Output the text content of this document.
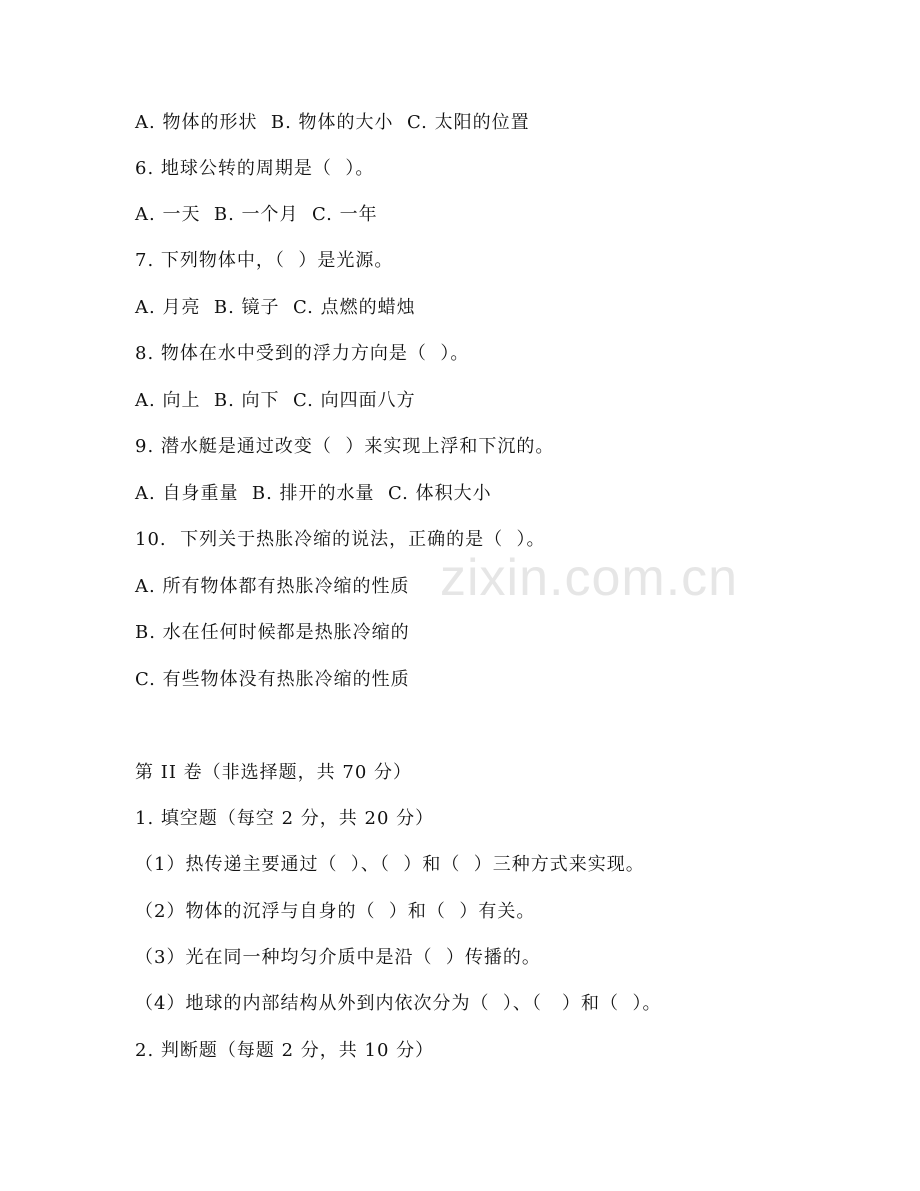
A. 物体的形状  B. 物体的大小  C. 太阳的位置
6. 地球公转的周期是（  ）。
A. 一天  B. 一个月  C. 一年
7. 下列物体中，（  ）是光源。
A. 月亮  B. 镜子  C. 点燃的蜡烛
8. 物体在水中受到的浮力方向是（  ）。
A. 向上  B. 向下  C. 向四面八方
9. 潜水艇是通过改变（  ）来实现上浮和下沉的。
A. 自身重量  B. 排开的水量  C. 体积大小
10.  下列关于热胀冷缩的说法，正确的是（  ）。
A. 所有物体都有热胀冷缩的性质
B. 水在任何时候都是热胀冷缩的
C. 有些物体没有热胀冷缩的性质
第 II 卷（非选择题，共 70 分）
1. 填空题（每空 2 分，共 20 分）
（1）热传递主要通过（  ）、（  ）和（  ）三种方式来实现。
（2）物体的沉浮与自身的（  ）和（  ）有关。
（3）光在同一种均匀介质中是沿（  ）传播的。
（4）地球的内部结构从外到内依次分为（  ）、（   ）和（  ）。
2. 判断题（每题 2 分，共 10 分）
zixin.com.cn
